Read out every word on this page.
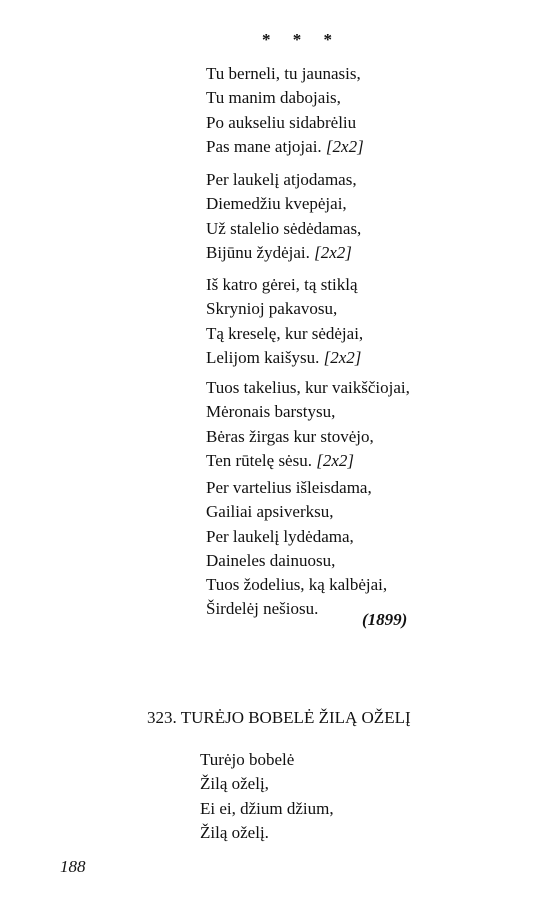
* * *

Tu berneli, tu jaunasis,
Tu manim dabojais,
Po aukseliu sidabrėliu
Pas mane atjojai. [2x2]
Per laukelį atjodamas,
Diemedžiu kvepėjai,
Už stalelio sėdėdamas,
Bijūnu žydėjai. [2x2]
Iš katro gėrei, tą stiklą
Skrynioj pakavosu,
Tą kreselę, kur sėdėjai,
Lelijom kaišysu. [2x2]
Tuos takelius, kur vaikščiojai,
Mėronais barstysu,
Bėras žirgas kur stovėjo,
Ten rūtelę sėsu. [2x2]
Per vartelius išleisdama,
Gailiai apsiverksu,
Per laukelį lydėdama,
Daineles dainuosu,
Tuos žodelius, ką kalbėjai,
Širdelėj nešiosu.

(1899)

323. TURĖJO BOBELĖ ŽILĄ OŽELĮ
Turėjo bobelė
Žilą oželį,
Ei ei, džium džium,
Žilą oželį.

188
